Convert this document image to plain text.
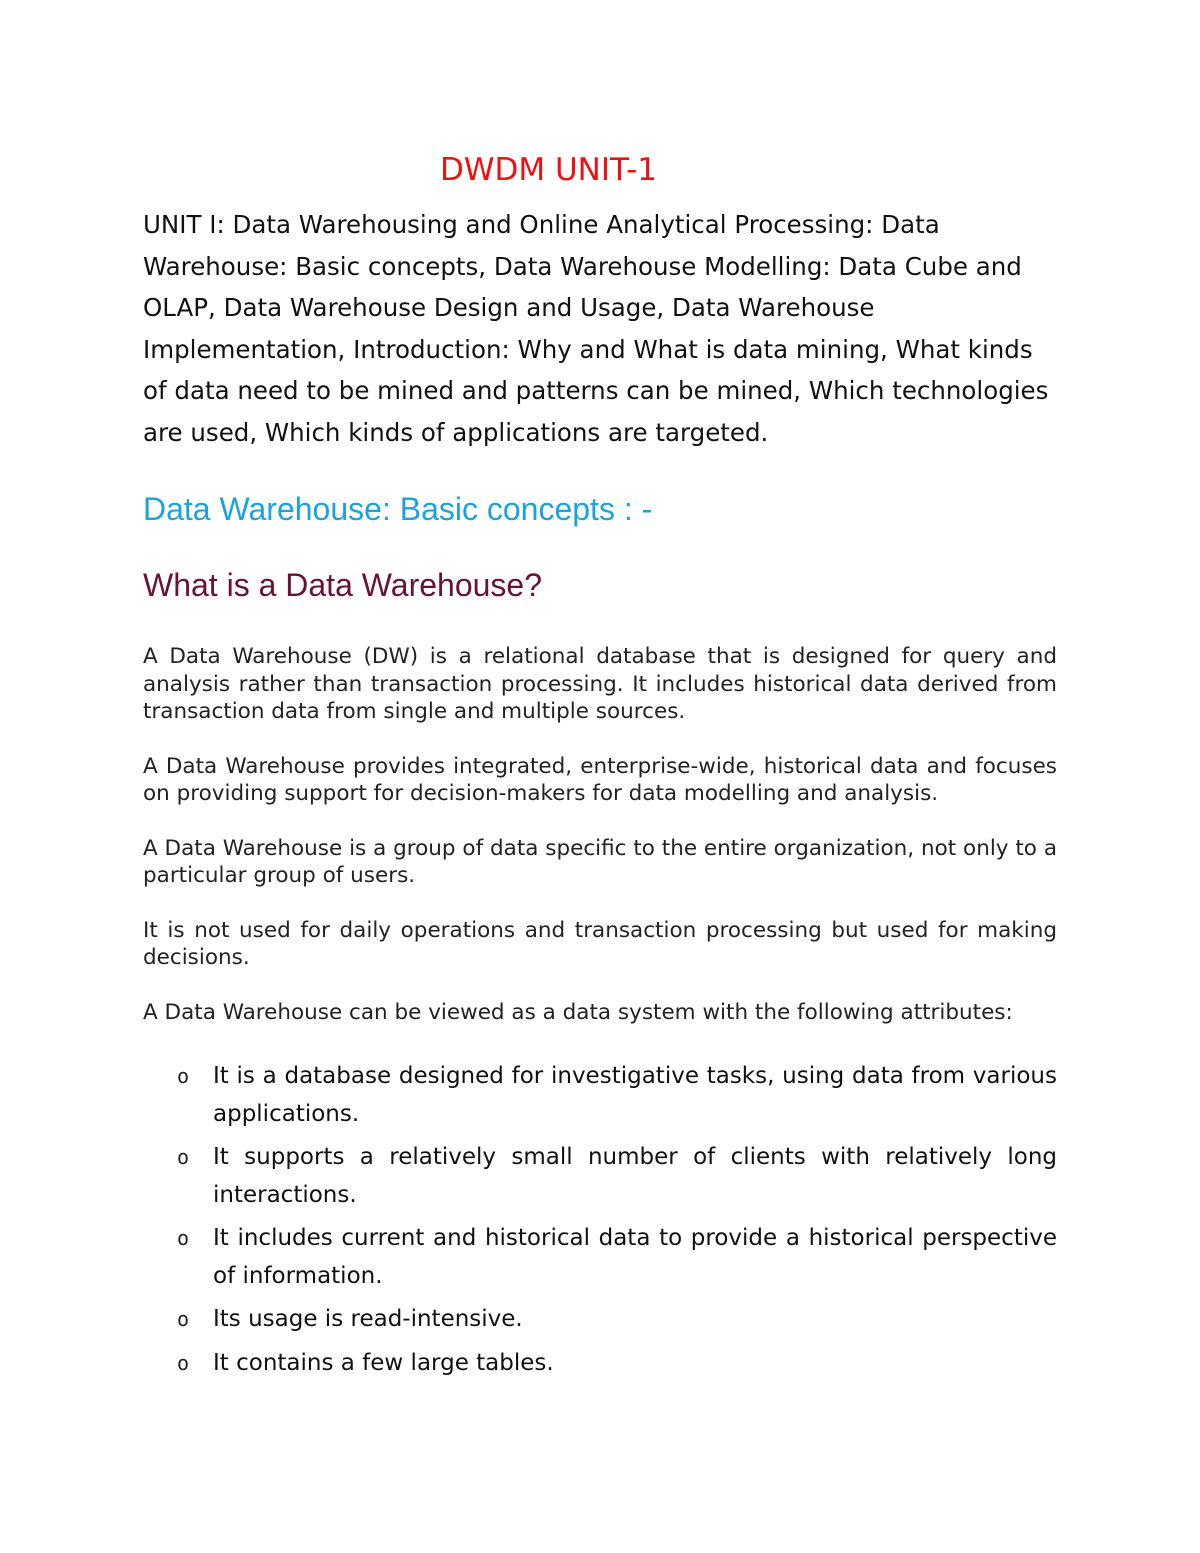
DWDM UNIT-1

UNIT I: Data Warehousing and Online Analytical Processing: Data Warehouse: Basic concepts, Data Warehouse Modelling: Data Cube and OLAP, Data Warehouse Design and Usage, Data Warehouse Implementation, Introduction: Why and What is data mining, What kinds of data need to be mined and patterns can be mined, Which technologies are used, Which kinds of applications are targeted.

Data Warehouse: Basic concepts : -
What is a Data Warehouse?

A Data Warehouse (DW) is a relational database that is designed for query and analysis rather than transaction processing. It includes historical data derived from transaction data from single and multiple sources.

A Data Warehouse provides integrated, enterprise-wide, historical data and focuses on providing support for decision-makers for data modelling and analysis.

A Data Warehouse is a group of data specific to the entire organization, not only to a particular group of users.

It is not used for daily operations and transaction processing but used for making decisions.

A Data Warehouse can be viewed as a data system with the following attributes:

o It is a database designed for investigative tasks, using data from various applications.
o It supports a relatively small number of clients with relatively long interactions.
o It includes current and historical data to provide a historical perspective of information.
o Its usage is read-intensive.
o It contains a few large tables.
